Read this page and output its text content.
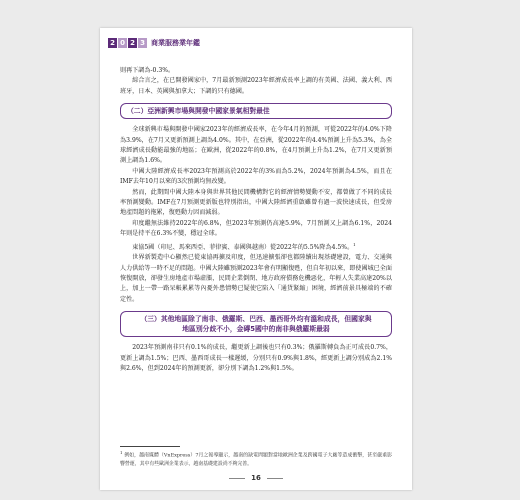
2 0 2 3 商業服務業年鑑

則再下調為-0.3%。

綜合言之，在已開發國家中，7月最新預測2023年經濟成長率上調的有美國、法國、義大利、西班牙，日本、英國與加拿大；下調的只有德國。

（二）亞洲新興市場與開發中國家景氣相對最佳

全球新興市場與開發中國家2023年的經濟成長率，在今年4月的預測，可從2022年的4.0%下降為3.9%，在7月又更新預測上調為4.0%。其中，在亞洲，從2022年的4.4%預測上升為5.3%，為全球經濟成長動能最強的地區；在歐洲，從2022年的0.8%，在4月預測上升為1.2%，在7月又更新預測上調為1.6%。

中國大陸經濟成長率2023年預測高於2022年的3%而為5.2%，2024年預測為4.5%，而且在IMF去年10月以來的3次預測均無改變。

然而，此期間中國大陸本身與世界其他民間機構對它的經濟情勢變動不安，都曾做了不同的成長率預測變動。IMF在7月預測更新版也特別指出，中國大陸經濟重啟雖曾有過一波快速成長，但受房地產問題的拖累，復甦動力因而減弱。

印度繼無法維持2022年的6.8%，但2023年預測仍高達5.9%，7月預測又上調為6.1%，2024年則是持平在6.3%不變，穩冠全球。

東協5國（印尼、馬來西亞、菲律賓、泰國與越南）從2022年的5.5%降為4.5%。$^1$

世界新製造中心顯然已從東協再擴及印度，但迅速擴張卻也都陸續出現基礎建設，電力、交通與人力供給等一時不足的問題。中國大陸雖預測2023年會有明顯復甦，但自年初以來，即使國城已全面恢復開放，卻發生房地產市場虛脹，民間企業倒閉、地方政府債務危機惡化，年輕人失業高達20%以上，加上一帶一路呆帳累累等內憂外患情勢已疑使它陷入「通貨緊縮」困境，經濟前景具極端的不確定性。

（三）其他地區除了南非、俄羅斯、巴西、墨西哥外均有溫和成長，但國家與
地區別分歧不小，金磚5國中的南非與俄羅斯最弱

2023年預測南非只有0.1%的成長，繼更新上調後也只有0.3%；俄羅斯轉負為正可成長0.7%，更新上調為1.5%；巴西、墨西哥成長一樣遲緩，分別只有0.9%與1.8%，經更新上調分別成為2.1%與2.6%，但到2024年的預測更新，卻分別下調為1.2%與1.5%。

$^1$ 例如，越南媒體（VnExpress）7月之報導顯示，越南的缺電問題對當地歐洲企業及跨國電子大廠等造成衝擊，甚至嚴重影響營運，其中有些歐洲企業表示，越南基礎建設尚不夠完善。
16
